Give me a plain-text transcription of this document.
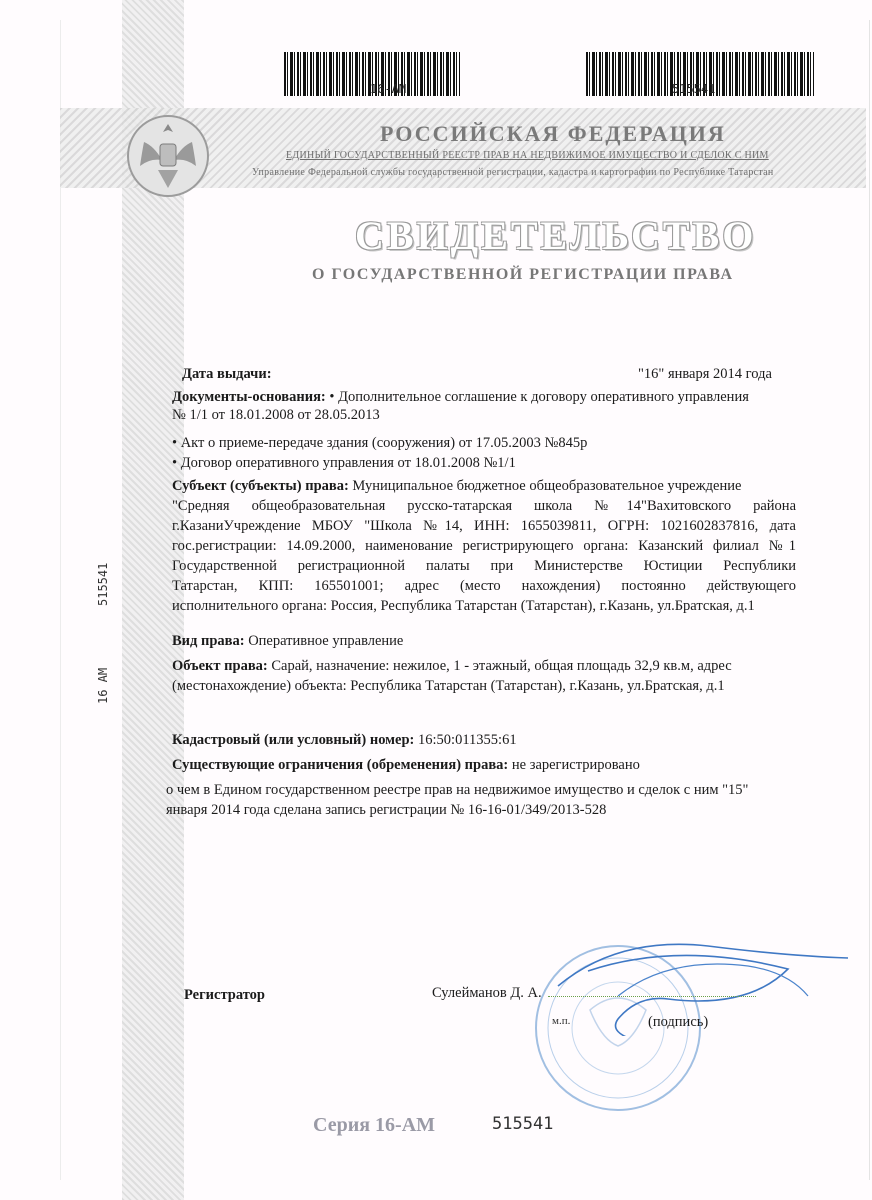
16-АМ	515541
РОССИЙСКАЯ ФЕДЕРАЦИЯ
ЕДИНЫЙ ГОСУДАРСТВЕННЫЙ РЕЕСТР ПРАВ НА НЕДВИЖИМОЕ ИМУЩЕСТВО И СДЕЛОК С НИМ
Управление Федеральной службы государственной регистрации, кадастра и картографии по Республике Татарстан
СВИДЕТЕЛЬСТВО
О ГОСУДАРСТВЕННОЙ РЕГИСТРАЦИИ ПРАВА
Дата выдачи:	"16" января 2014 года
Документы-основания: • Дополнительное соглашение к договору оперативного управления
№ 1/1 от 18.01.2008 от 28.05.2013
• Акт о приеме-передаче здания (сооружения) от 17.05.2003 №845р
• Договор оперативного управления от 18.01.2008 №1/1
Субъект (субъекты) права: Муниципальное бюджетное общеобразовательное учреждение
"Средняя общеобразовательная русско-татарская школа №14"Вахитовского района
г.КазаниУчреждение МБОУ "Школа №14, ИНН: 1655039811, ОГРН: 1021602837816, дата
гос.регистрации: 14.09.2000, наименование регистрирующего органа: Казанский филиал №1
Государственной регистрационной палаты при Министерстве Юстиции Республики
Татарстан, КПП: 165501001; адрес (место нахождения) постоянно действующего
исполнительного органа: Россия, Республика Татарстан (Татарстан), г.Казань, ул.Братская, д.1
Вид права: Оперативное управление
Объект права: Сарай, назначение: нежилое, 1 - этажный, общая площадь 32,9 кв.м, адрес
(местонахождение) объекта: Республика Татарстан (Татарстан), г.Казань, ул.Братская, д.1
Кадастровый (или условный) номер: 16:50:011355:61
Существующие ограничения (обременения) права: не зарегистрировано
о чем в Едином государственном реестре прав на недвижимое имущество и сделок с ним "15"
января 2014 года сделана запись регистрации № 16-16-01/349/2013-528
Регистратор	Сулейманов Д. А.
м.п.	(подпись)
Серия 16-АМ	515541
16 АМ
515541
